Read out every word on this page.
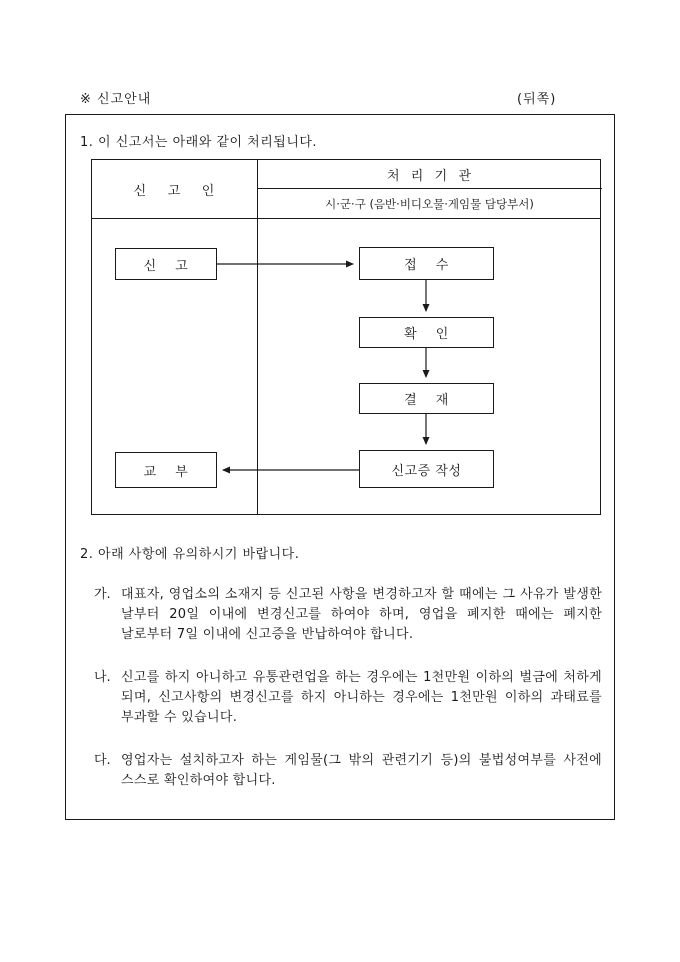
※ 신고안내	(뒤쪽)
1. 이 신고서는 아래와 같이 처리됩니다.
신    고    인
처  리  기  관
시·군·구 (음반·비디오물·게임물 담당부서)
신    고	접    수
확    인
결    재
신고증 작성
교    부
2. 아래 사항에 유의하시기 바랍니다.
가. 대표자, 영업소의 소재지 등 신고된 사항을 변경하고자 할 때에는 그 사유가 발생한 날부터 20일 이내에 변경신고를 하여야 하며, 영업을 폐지한 때에는 폐지한 날로부터 7일 이내에 신고증을 반납하여야 합니다.
나. 신고를 하지 아니하고 유통관련업을 하는 경우에는 1천만원 이하의 벌금에 처하게 되며, 신고사항의 변경신고를 하지 아니하는 경우에는 1천만원 이하의 과태료를 부과할 수 있습니다.
다. 영업자는 설치하고자 하는 게임물(그 밖의 관련기기 등)의 불법성여부를 사전에 스스로 확인하여야 합니다.
